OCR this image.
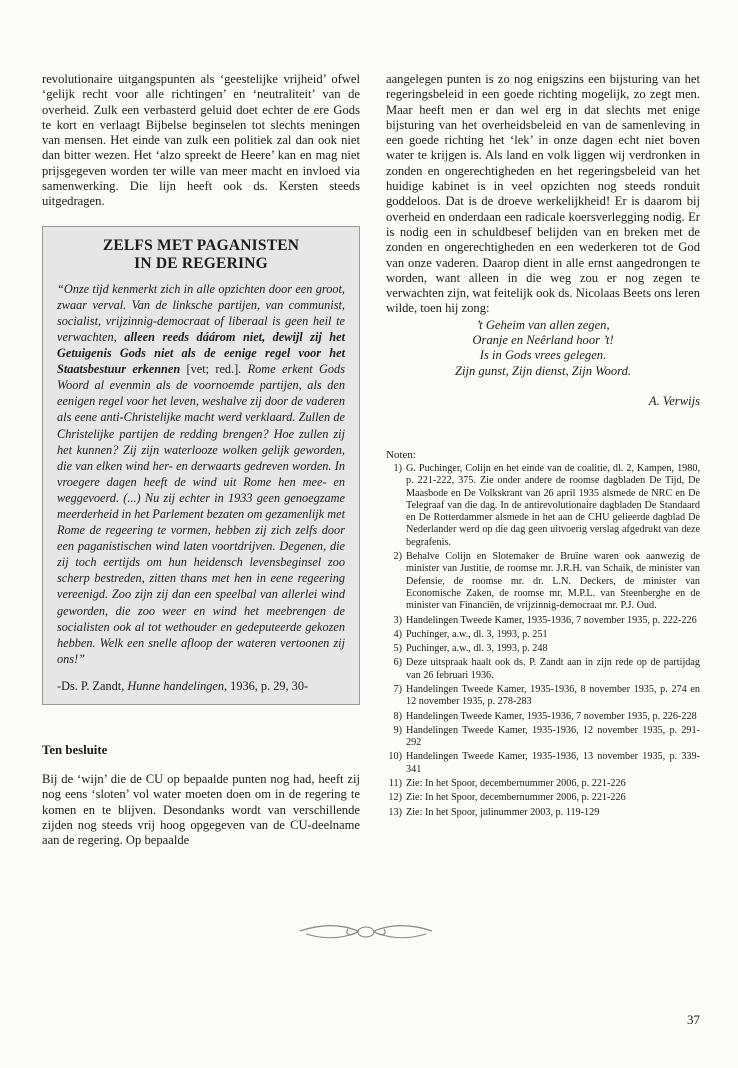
revolutionaire uitgangspunten als ‘geestelijke vrijheid’ ofwel ‘gelijk recht voor alle richtingen’ en ‘neutraliteit’ van de overheid. Zulk een verbasterd geluid doet echter de ere Gods te kort en verlaagt Bijbelse beginselen tot slechts meningen van mensen. Het einde van zulk een politiek zal dan ook niet dan bitter wezen. Het ‘alzo spreekt de Heere’ kan en mag niet prijsgegeven worden ter wille van meer macht en invloed via samenwerking. Die lijn heeft ook ds. Kersten steeds uitgedragen.

ZELFS MET PAGANISTEN
IN DE REGERING

“Onze tijd kenmerkt zich in alle opzichten door een groot, zwaar verval. Van de linksche partijen, van communist, socialist, vrijzinnig-democraat of liberaal is geen heil te verwachten, alleen reeds dáárom niet, dewijl zij het Getuigenis Gods niet als de eenige regel voor het Staatsbestuur erkennen [vet; red.]. Rome erkent Gods Woord al evenmin als de voornoemde partijen, als den eenigen regel voor het leven, weshalve zij door de vaderen als eene anti-Christelijke macht werd verklaard. Zullen de Christelijke partijen de redding brengen? Hoe zullen zij het kunnen? Zij zijn waterlooze wolken gelijk geworden, die van elken wind her- en derwaarts gedreven worden. In vroegere dagen heeft de wind uit Rome hen mee- en weggevoerd. (...) Nu zij echter in 1933 geen genoegzame meerderheid in het Parlement bezaten om gezamenlijk met Rome de regeering te vormen, hebben zij zich zelfs door een paganistischen wind laten voortdrijven. Degenen, die zij toch eertijds om hun heidensch levensbeginsel zoo scherp bestreden, zitten thans met hen in eene regeering vereenigd. Zoo zijn zij dan een speelbal van allerlei wind geworden, die zoo weer en wind het meebrengen de socialisten ook al tot wethouder en gedeputeerde gekozen hebben. Welk een snelle afloop der wateren vertoonen zij ons!”

-Ds. P. Zandt, Hunne handelingen, 1936, p. 29, 30-
Ten besluite

Bij de ‘wijn’ die de CU op bepaalde punten nog had, heeft zij nog eens ‘sloten’ vol water moeten doen om in de regering te komen en te blijven. Desondanks wordt van verschillende zijden nog steeds vrij hoog opgegeven van de CU-deelname aan de regering. Op bepaalde

aangelegen punten is zo nog enigszins een bijsturing van het regeringsbeleid in een goede richting mogelijk, zo zegt men. Maar heeft men er dan wel erg in dat slechts met enige bijsturing van het overheidsbeleid en van de samenleving in een goede richting het ‘lek’ in onze dagen echt niet boven water te krijgen is. Als land en volk liggen wij verdronken in zonden en ongerechtigheden en het regeringsbeleid van het huidige kabinet is in veel opzichten nog steeds ronduit goddeloos. Dat is de droeve werkelijkheid! Er is daarom bij overheid en onderdaan een radicale koersverlegging nodig. Er is nodig een in schuldbesef belijden van en breken met de zonden en ongerechtigheden en een wederkeren tot de God van onze vaderen. Daarop dient in alle ernst aangedrongen te worden, want alleen in die weg zou er nog zegen te verwachten zijn, wat feitelijk ook ds. Nicolaas Beets ons leren wilde, toen hij zong:

’t Geheim van allen zegen,
Oranje en Neêrland hoor ’t!
Is in Gods vrees gelegen.
Zijn gunst, Zijn dienst, Zijn Woord.
A. Verwijs
Noten:
1) G. Puchinger, Colijn en het einde van de coalitie, dl. 2, Kampen, 1980, p. 221-222, 375. Zie onder andere de roomse dagbladen De Tijd, De Maasbode en De Volkskrant van 26 april 1935 alsmede de NRC en De Telegraaf van die dag. In de antirevolutionaire dagbladen De Standaard en De Rotterdammer alsmede in het aan de CHU gelieerde dagblad De Nederlander werd op die dag geen uitvoerig verslag afgedrukt van deze begrafenis.
2) Behalve Colijn en Slotemaker de Bruïne waren ook aanwezig de minister van Justitie, de roomse mr. J.R.H. van Schaik, de minister van Defensie, de roomse mr. dr. L.N. Deckers, de minister van Economische Zaken, de roomse mr. M.P.L. van Steenberghe en de minister van Financiën, de vrijzinnig-democraat mr. P.J. Oud.
3) Handelingen Tweede Kamer, 1935-1936, 7 november 1935, p. 222-226
4) Puchinger, a.w., dl. 3, 1993, p. 251
5) Puchinger, a.w., dl. 3, 1993, p. 248
6) Deze uitspraak haalt ook ds. P. Zandt aan in zijn rede op de partijdag van 26 februari 1936.
7) Handelingen Tweede Kamer, 1935-1936, 8 november 1935, p. 274 en 12 november 1935, p. 278-283
8) Handelingen Tweede Kamer, 1935-1936, 7 november 1935, p. 226-228
9) Handelingen Tweede Kamer, 1935-1936, 12 november 1935, p. 291-292
10) Handelingen Tweede Kamer, 1935-1936, 13 november 1935, p. 339-341
11) Zie: In het Spoor, decembernummer 2006, p. 221-226
12) Zie: In het Spoor, decembernummer 2006, p. 221-226
13) Zie: In het Spoor, julinummer 2003, p. 119-129
37
